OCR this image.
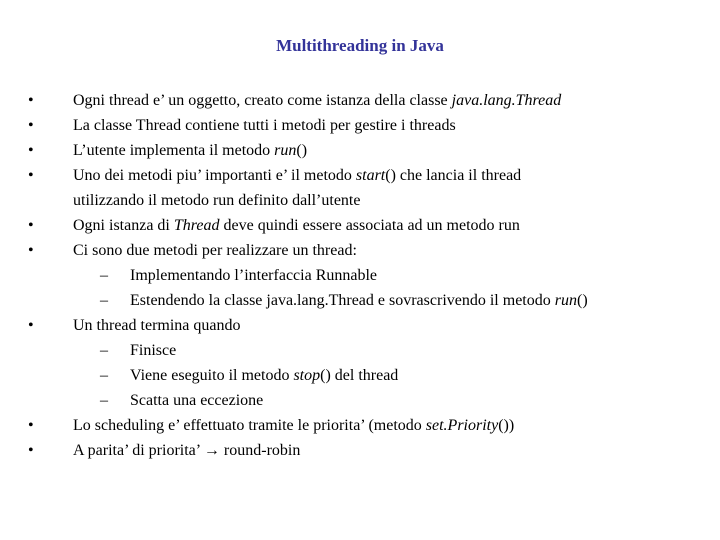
Multithreading in Java
• Ogni thread e’ un oggetto, creato come istanza della classe java.lang.Thread
• La classe Thread contiene tutti i metodi per gestire i threads
• L’utente implementa il metodo run()
• Uno dei metodi piu’ importanti e’ il metodo start() che lancia il thread
utilizzando il metodo run definito dall’utente
• Ogni istanza di Thread deve quindi essere associata ad un metodo run
• Ci sono due metodi per realizzare un thread:
– Implementando l’interfaccia Runnable
– Estendendo la classe java.lang.Thread e sovrascrivendo il metodo run()
• Un thread termina quando
– Finisce
– Viene eseguito il metodo stop() del thread
– Scatta una eccezione
• Lo scheduling e’ effettuato tramite le priorita’ (metodo set.Priority())
• A parita’ di priorita’ → round-robin
